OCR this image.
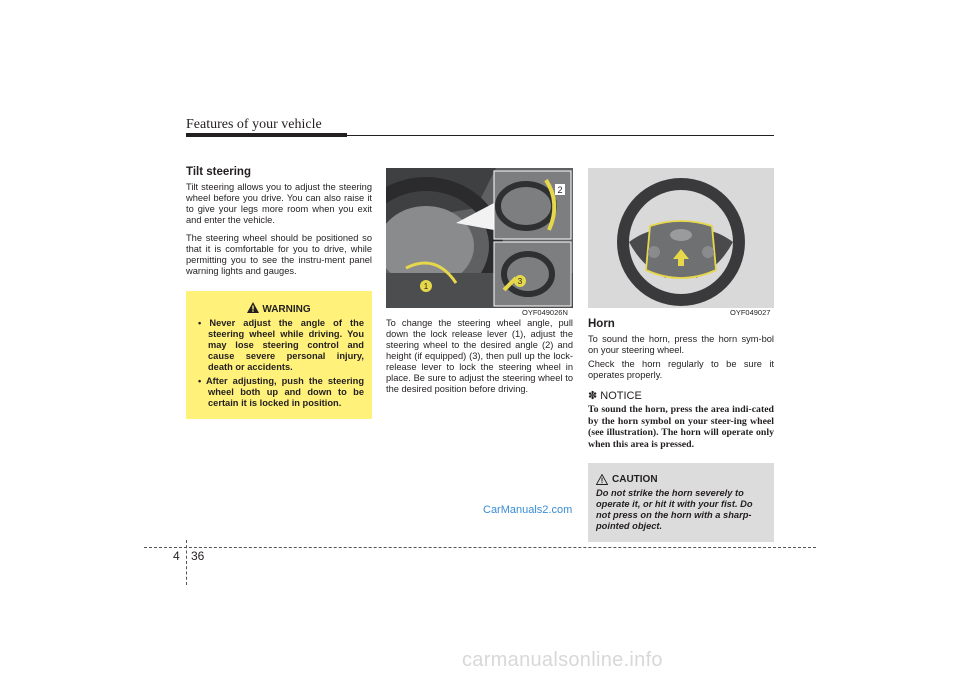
Features of your vehicle

Tilt steering

Tilt steering allows you to adjust the steering wheel before you drive. You can also raise it to give your legs more room when you exit and enter the vehicle.

The steering wheel should be positioned so that it is comfortable for you to drive, while permitting you to see the instru-ment panel warning lights and gauges.

WARNING
• Never adjust the angle of the steering wheel while driving. You may lose steering control and cause severe personal injury, death or accidents.
• After adjusting, push the steering wheel both up and down to be certain it is locked in position.
1
2
3
OYF049026N

To change the steering wheel angle, pull down the lock release lever (1), adjust the steering wheel to the desired angle (2) and height (if equipped) (3), then pull up the lock-release lever to lock the steering wheel in place. Be sure to adjust the steering wheel to the desired position before driving.

OYF049027

Horn

To sound the horn, press the horn sym-bol on your steering wheel.

Check the horn regularly to be sure it operates properly.

✽ NOTICE

To sound the horn, press the area indi-cated by the horn symbol on your steer-ing wheel (see illustration). The horn will operate only when this area is pressed.

CAUTION

Do not strike the horn severely to operate it, or hit it with your fist. Do not press on the horn with a sharp-pointed object.

CarManuals2.com
4 36
carmanualsonline.info
